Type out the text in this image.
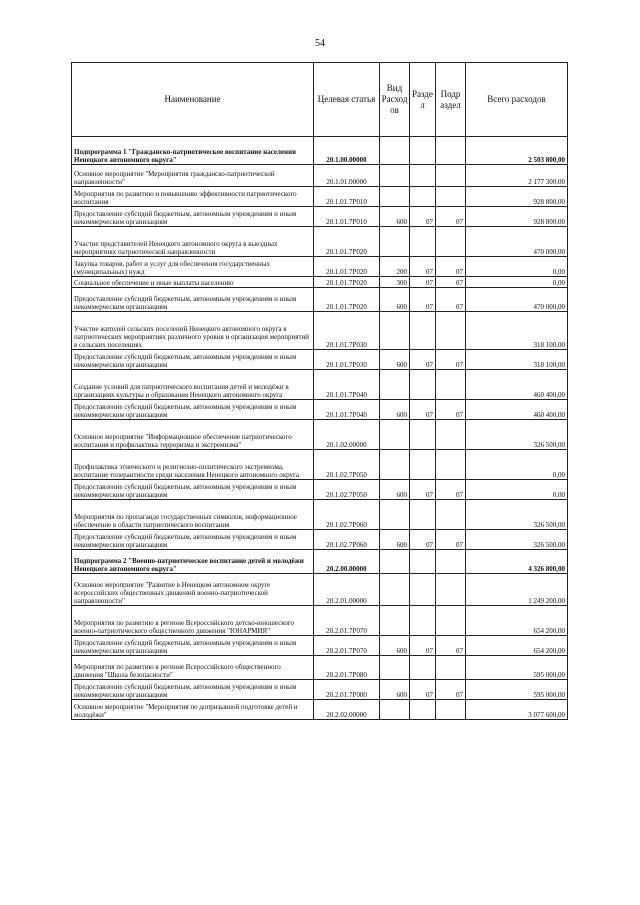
54
Наименование	Целевая статья	Вид Расход ов	Разде л	Подр аздел	Всего расходов
Подпрограмма 1 "Гражданско-патриотическое воспитание населения Ненецкого автономного округа"	20.1.00.00000				2 503 800,00
Основное мероприятие "Мероприятия гражданско-патриотической направленности"	20.1.01.00000				2 177 300,00
Мероприятия по развитию и повышению эффективности патриотического воспитания	20.1.01.7Р010				928 800,00
Предоставление субсидий бюджетным, автономным учреждениям и иным некоммерческим организациям	20.1.01.7Р010	600	07	07	928 800,00
Участие представителей Ненецкого автономного округа в выездных мероприятиях патриотической направленности	20.1.01.7Р020				470 000,00
Закупка товаров, работ и услуг для обеспечения государственных (муниципальных) нужд	20.1.01.7Р020	200	07	07	0,00
Социальное обеспечение и иные выплаты населению	20.1.01.7Р020	300	07	07	0,00
Предоставление субсидий бюджетным, автономным учреждениям и иным некоммерческим организациям	20.1.01.7Р020	600	07	07	470 000,00
Участие жителей сельских поселений Ненецкого автономного округа в патриотических мероприятиях различного уровня и организация мероприятий в сельских поселениях	20.1.01.7Р030				318 100,00
Предоставление субсидий бюджетным, автономным учреждениям и иным некоммерческим организациям	20.1.01.7Р030	600	07	07	318 100,00
Создание условий для патриотического воспитания детей и молодёжи в организациях культуры и образования Ненецкого автономного округа	20.1.01.7Р040				460 400,00
Предоставление субсидий бюджетным, автономным учреждениям и иным некоммерческим организациям	20.1.01.7Р040	600	07	07	460 400,00
Основное мероприятие "Информационное обеспечение патриотического воспитания и профилактика терроризма и экстремизма"	20.1.02.00000				326 500,00
Профилактика этнического и религиозно-политического экстремизма, воспитание толерантности среди населения Ненецкого автономного округа	20.1.02.7Р050				0,00
Предоставление субсидий бюджетным, автономным учреждениям и иным некоммерческим организациям	20.1.02.7Р050	600	07	07	0,00
Мероприятия по пропаганде государственных символов, информационное обеспечение в области патриотического воспитания	20.1.02.7Р060				326 500,00
Предоставление субсидий бюджетным, автономным учреждениям и иным некоммерческим организациям	20.1.02.7Р060	600	07	07	326 500,00
Подпрограмма 2 "Военно-патриотическое воспитание детей и молодёжи Ненецкого автономного округа"	20.2.00.00000				4 326 800,00
Основное мероприятие "Развитие в Ненецком автономном округе всероссийских общественных движений военно-патриотической направленности"	20.2.01.00000				1 249 200,00
Мероприятия по развитию в регионе Всероссийского детско-юношеского военно-патриотического общественного движения "ЮНАРМИЯ"	20.2.01.7Р070				654 200,00
Предоставление субсидий бюджетным, автономным учреждениям и иным некоммерческим организациям	20.2.01.7Р070	600	07	07	654 200,00
Мероприятия по развитию в регионе Всероссийского общественного движения "Школа безопасности"	20.2.01.7Р080				595 000,00
Предоставление субсидий бюджетным, автономным учреждениям и иным некоммерческим организациям	20.2.01.7Р080	600	07	07	595 000,00
Основное мероприятие "Мероприятия по допризывной подготовке детей и молодёжи"	20.2.02.00000				3 077 600,00
